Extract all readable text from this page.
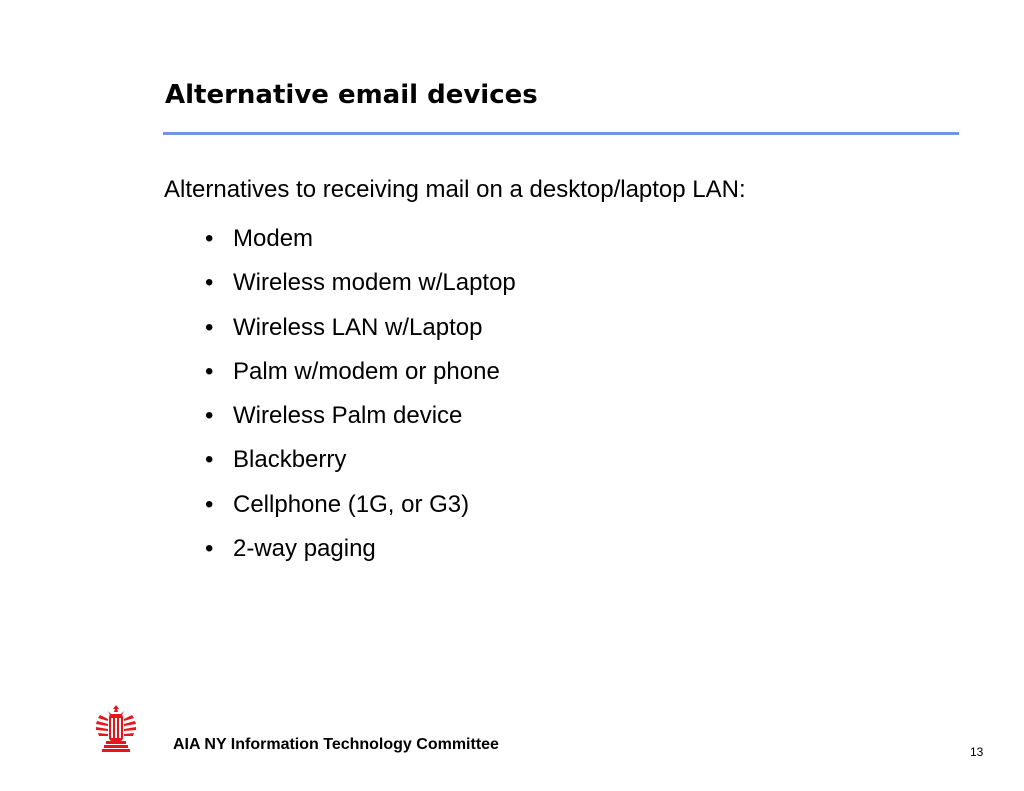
Alternative email devices
Alternatives to receiving mail on a desktop/laptop LAN:
• Modem
• Wireless modem w/Laptop
• Wireless LAN w/Laptop
• Palm w/modem or phone
• Wireless Palm device
• Blackberry
• Cellphone (1G, or G3)
• 2-way paging
AIA NY Information Technology Committee	13
